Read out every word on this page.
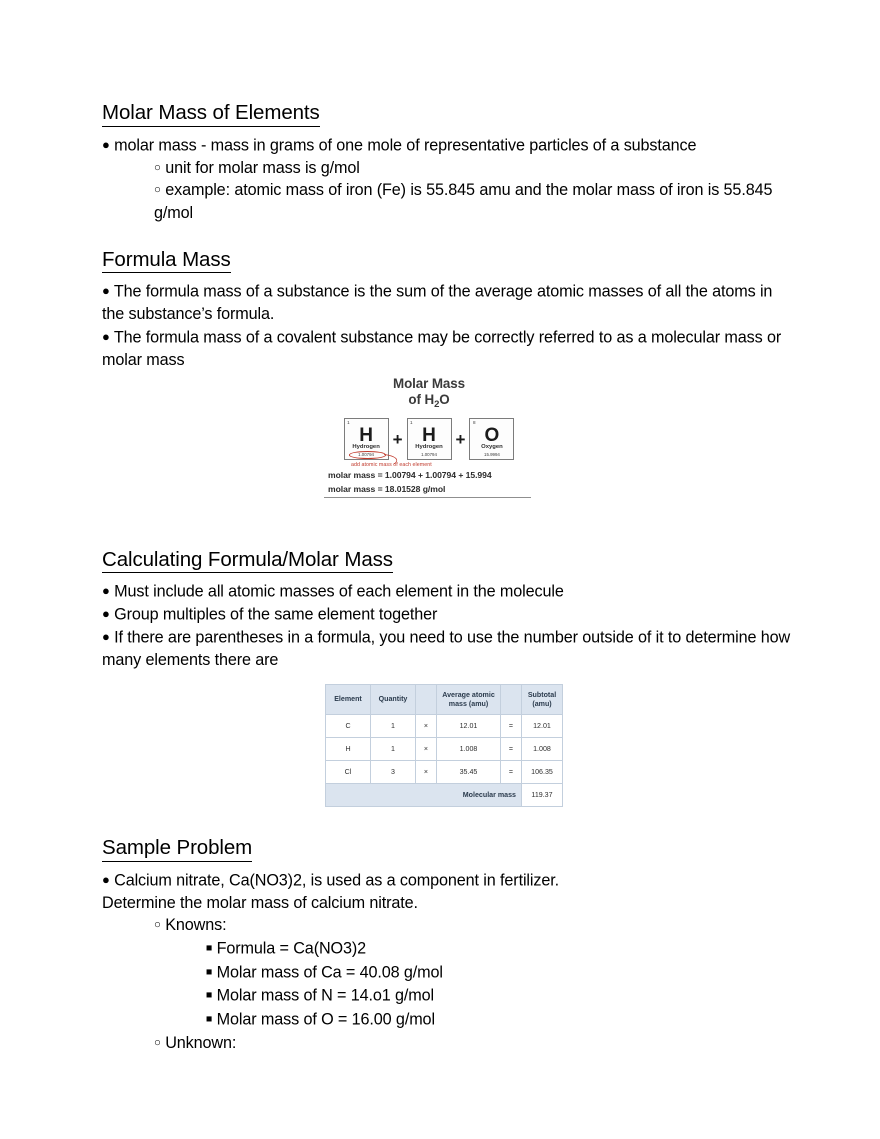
Molar Mass of Elements
● molar mass - mass in grams of one mole of representative particles of a substance
○ unit for molar mass is g/mol
○ example: atomic mass of iron (Fe) is 55.845 amu and the molar mass of iron is 55.845 g/mol
Formula Mass
● The formula mass of a substance is the sum of the average atomic masses of all the atoms in the substance’s formula.
● The formula mass of a covalent substance may be correctly referred to as a molecular mass or molar mass
Calculating Formula/Molar Mass
● Must include all atomic masses of each element in the molecule
● Group multiples of the same element together
● If there are parentheses in a formula, you need to use the number outside of it to determine how many elements there are
Sample Problem
● Calcium nitrate, Ca(NO3)2, is used as a component in fertilizer. Determine the molar mass of calcium nitrate.
○ Knowns:
■ Formula = Ca(NO3)2
■ Molar mass of Ca = 40.08 g/mol
■ Molar mass of N = 14.o1 g/mol
■ Molar mass of O = 16.00 g/mol
○ Unknown:
Molar Mass
of $H_2O$
1
H
Hydrogen
1.00794
+
1
H
Hydrogen
1.00794
+
8
O
Oxygen
15.9994
add atomic mass of each element
molar mass = 1.00794 + 1.00794 + 15.994
molar mass = 18.01528 g/mol
Element	Quantity		Average atomic
mass (amu)		Subtotal
(amu)
C	1	×	12.01	=	12.01
H	1	×	1.008	=	1.008
Cl	3	×	35.45	=	106.35
Molecular mass					119.37
